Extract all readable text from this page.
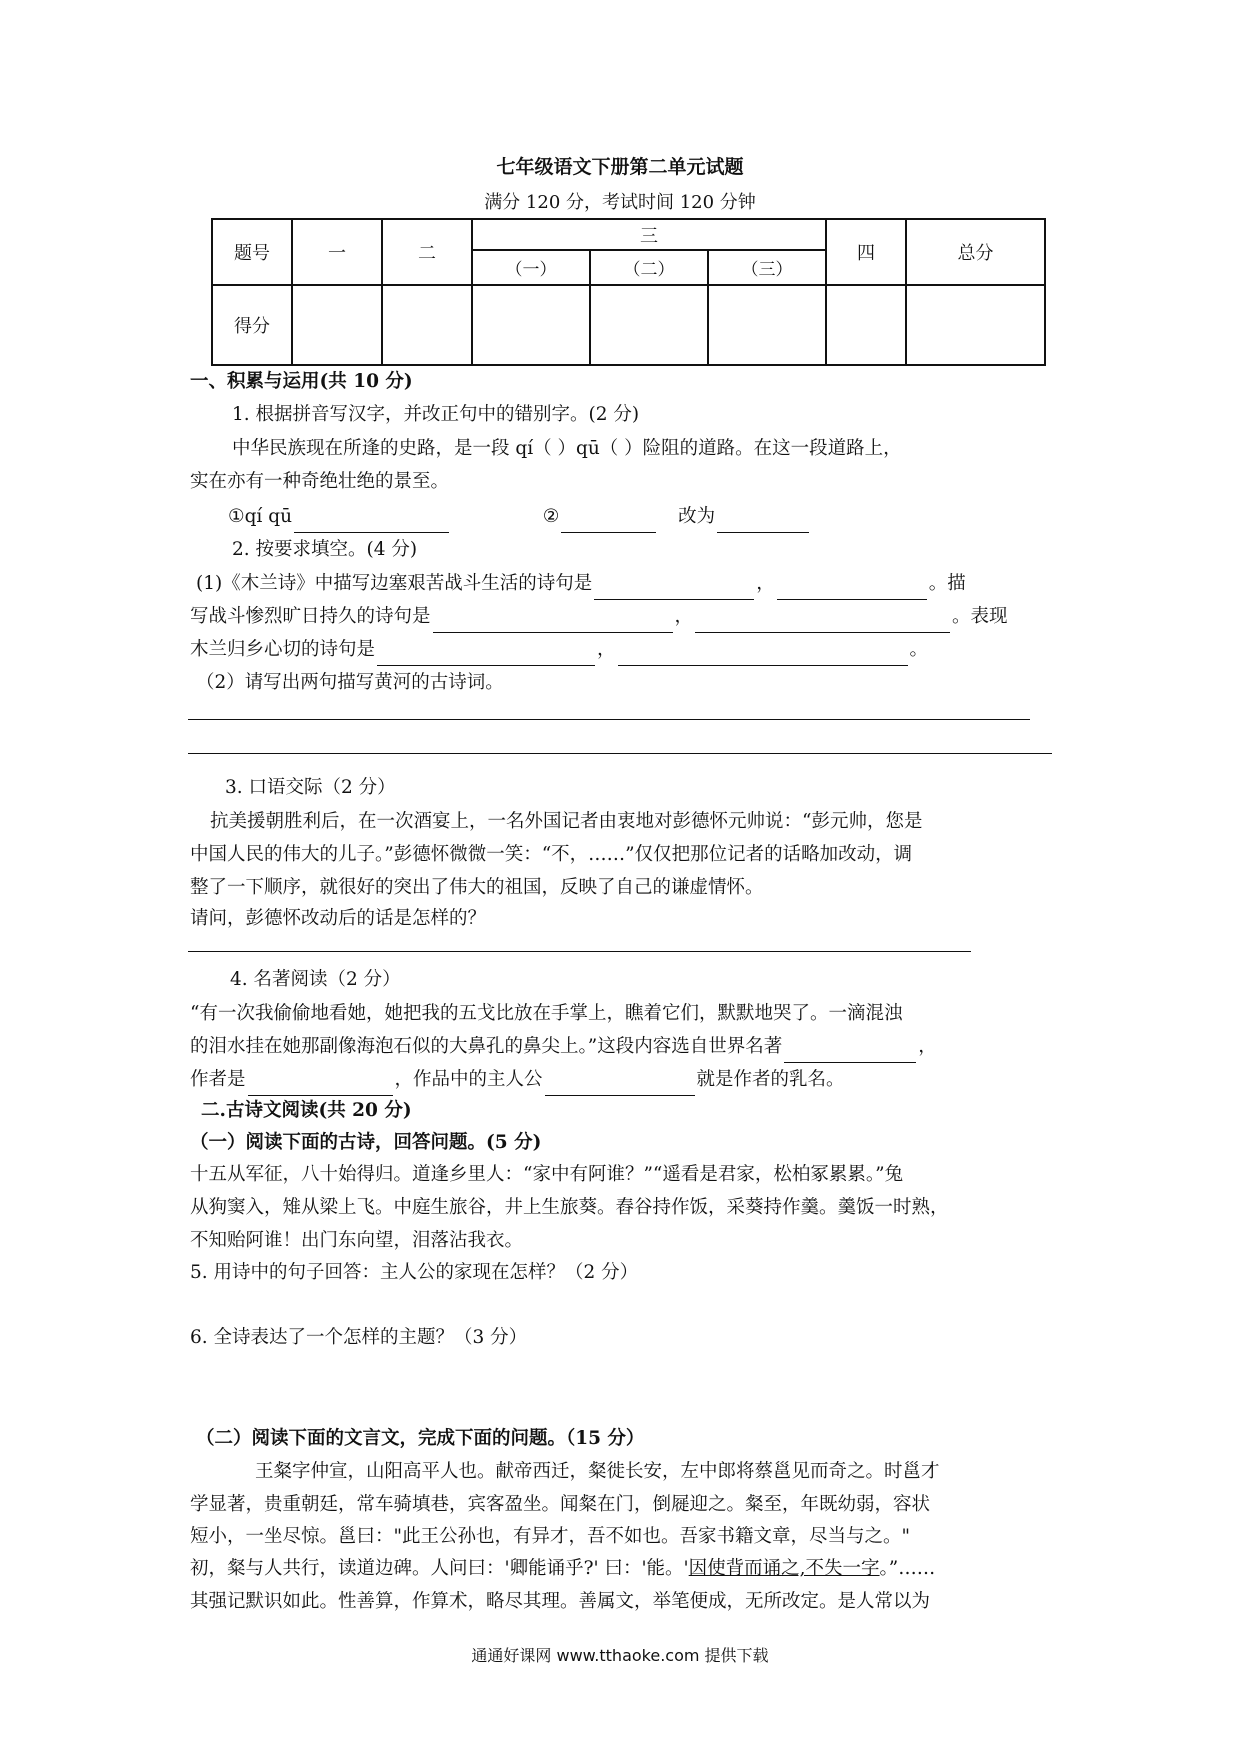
七年级语文下册第二单元试题
满分 120 分，考试时间 120 分钟
题号	一	二	三			四	总分
			（一）	（二）	（三）		
得分							
一、积累与运用(共 10 分)
1. 根据拼音写汉字，并改正句中的错别字。(2 分)
中华民族现在所逢的史路，是一段 qí（ ）qū（ ）险阻的道路。在这一段道路上，
实在亦有一种奇绝壮绝的景至。
①qí qū	②	改为
2. 按要求填空。(4 分)
(1)《木兰诗》中描写边塞艰苦战斗生活的诗句是	，	。描
写战斗惨烈旷日持久的诗句是	，	。表现
木兰归乡心切的诗句是	，	。
（2）请写出两句描写黄河的古诗词。
3. 口语交际（2 分）
抗美援朝胜利后，在一次酒宴上，一名外国记者由衷地对彭德怀元帅说：“彭元帅，您是
中国人民的伟大的儿子。”彭德怀微微一笑：“不，……”仅仅把那位记者的话略加改动，调
整了一下顺序，就很好的突出了伟大的祖国，反映了自己的谦虚情怀。
请问，彭德怀改动后的话是怎样的？
4. 名著阅读（2 分）
“有一次我偷偷地看她，她把我的五戈比放在手掌上，瞧着它们，默默地哭了。一滴混浊
的泪水挂在她那副像海泡石似的大鼻孔的鼻尖上。”这段内容选自世界名著	，
作者是	，作品中的主人公	就是作者的乳名。
二.古诗文阅读(共 20 分)
（一）阅读下面的古诗，回答问题。(5 分)
十五从军征，八十始得归。道逢乡里人：“家中有阿谁？”“遥看是君家，松柏冢累累。”兔
从狗窦入，雉从梁上飞。中庭生旅谷，井上生旅葵。舂谷持作饭，采葵持作羹。羹饭一时熟，
不知贻阿谁！出门东向望，泪落沾我衣。
5. 用诗中的句子回答：主人公的家现在怎样？（2 分）
6. 全诗表达了一个怎样的主题？（3 分）
（二）阅读下面的文言文，完成下面的问题。（15 分）
王粲字仲宣，山阳高平人也。献帝西迁，粲徙长安，左中郎将蔡邕见而奇之。时邕才
学显著，贵重朝廷，常车骑填巷，宾客盈坐。闻粲在门，倒屣迎之。粲至，年既幼弱，容状
短小，一坐尽惊。邕曰："此王公孙也，有异才，吾不如也。吾家书籍文章，尽当与之。"
初，粲与人共行，读道边碑。人问曰：'卿能诵乎?' 曰：'能。'因使背而诵之,不失一字。”……
其强记默识如此。性善算，作算术，略尽其理。善属文，举笔便成，无所改定。是人常以为
通通好课网 www.tthaoke.com 提供下载
